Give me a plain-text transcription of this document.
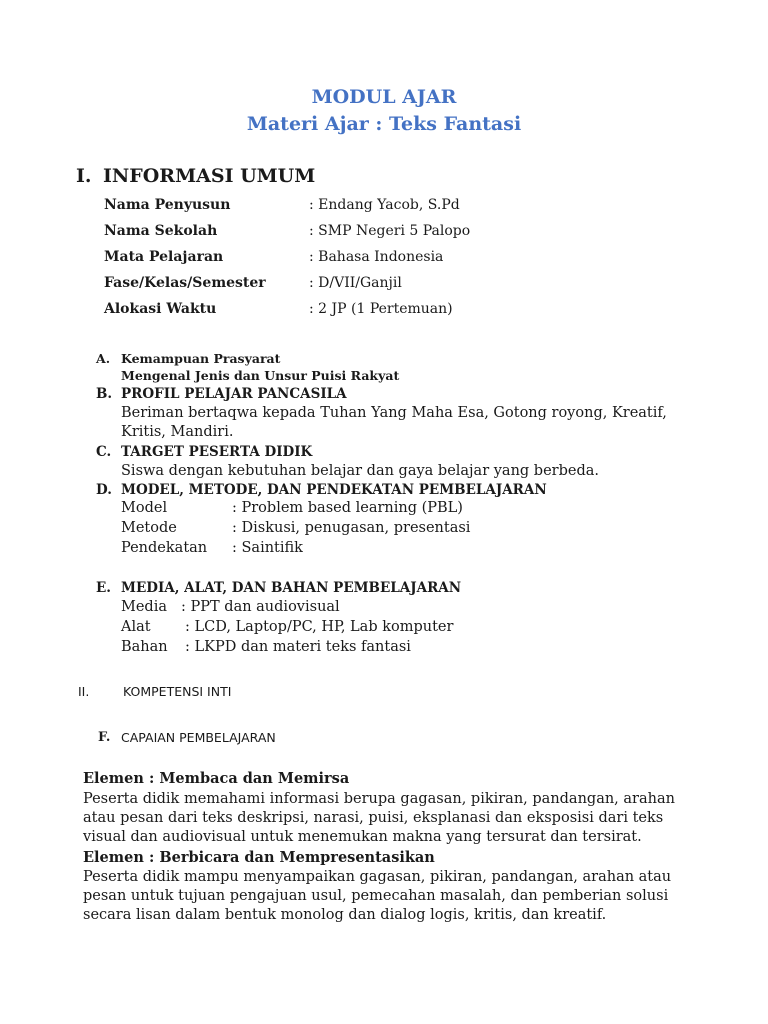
MODUL AJAR
Materi Ajar : Teks Fantasi
I. INFORMASI UMUM
Nama Penyusun	: Endang Yacob, S.Pd
Nama Sekolah	: SMP Negeri 5 Palopo
Mata Pelajaran	: Bahasa Indonesia
Fase/Kelas/Semester	: D/VII/Ganjil
Alokasi Waktu	: 2 JP (1 Pertemuan)
A. Kemampuan Prasyarat
Mengenal Jenis dan Unsur Puisi Rakyat
B. PROFIL PELAJAR PANCASILA
Beriman bertaqwa kepada Tuhan Yang Maha Esa, Gotong royong, Kreatif,
Kritis, Mandiri.
C. TARGET PESERTA DIDIK
Siswa dengan kebutuhan belajar dan gaya belajar yang berbeda.
D. MODEL, METODE, DAN PENDEKATAN PEMBELAJARAN
Model	: Problem based learning (PBL)
Metode	: Diskusi, penugasan, presentasi
Pendekatan : Saintifik
E. MEDIA, ALAT, DAN BAHAN PEMBELAJARAN
Media : PPT dan audiovisual
Alat : LCD, Laptop/PC, HP, Lab komputer
Bahan : LKPD dan materi teks fantasi
II.	KOMPETENSI INTI
F. CAPAIAN PEMBELAJARAN
Elemen : Membaca dan Memirsa
Peserta didik memahami informasi berupa gagasan, pikiran, pandangan, arahan
atau pesan dari teks deskripsi, narasi, puisi, eksplanasi dan eksposisi dari teks
visual dan audiovisual untuk menemukan makna yang tersurat dan tersirat.
Elemen : Berbicara dan Mempresentasikan
Peserta didik mampu menyampaikan gagasan, pikiran, pandangan, arahan atau
pesan untuk tujuan pengajuan usul, pemecahan masalah, dan pemberian solusi
secara lisan dalam bentuk monolog dan dialog logis, kritis, dan kreatif.
